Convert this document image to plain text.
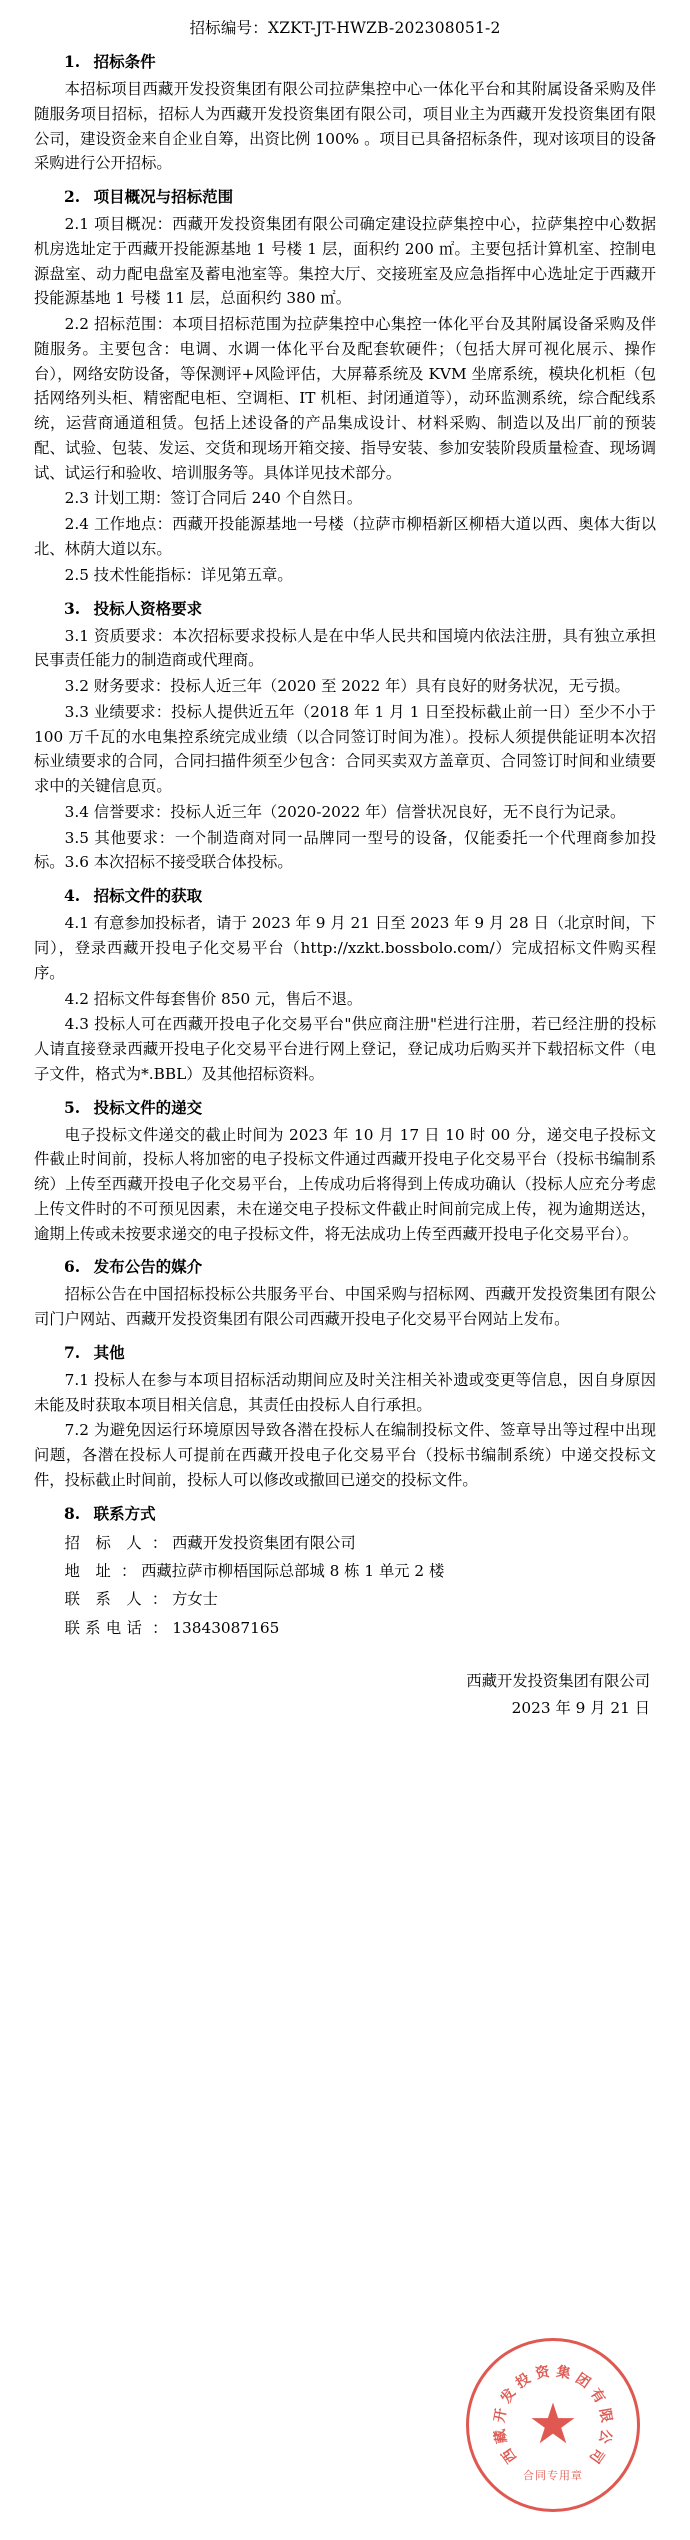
招标编号：XZKT-JT-HWZB-202308051-2
1. 招标条件

本招标项目西藏开发投资集团有限公司拉萨集控中心一体化平台和其附属设备采购及伴随服务项目招标，招标人为西藏开发投资集团有限公司，项目业主为西藏开发投资集团有限公司，建设资金来自企业自筹，出资比例 100% 。项目已具备招标条件，现对该项目的设备采购进行公开招标。

2. 项目概况与招标范围

2.1 项目概况：西藏开发投资集团有限公司确定建设拉萨集控中心，拉萨集控中心数据机房选址定于西藏开投能源基地 1 号楼 1 层，面积约 200 ㎡。主要包括计算机室、控制电源盘室、动力配电盘室及蓄电池室等。集控大厅、交接班室及应急指挥中心选址定于西藏开投能源基地 1 号楼 11 层，总面积约 380 ㎡。

2.2 招标范围：本项目招标范围为拉萨集控中心集控一体化平台及其附属设备采购及伴随服务。主要包含：电调、水调一体化平台及配套软硬件；（包括大屏可视化展示、操作台），网络安防设备，等保测评+风险评估，大屏幕系统及 KVM 坐席系统，模块化机柜（包括网络列头柜、精密配电柜、空调柜、IT 机柜、封闭通道等），动环监测系统，综合配线系统，运营商通道租赁。包括上述设备的产品集成设计、材料采购、制造以及出厂前的预装配、试验、包装、发运、交货和现场开箱交接、指导安装、参加安装阶段质量检查、现场调试、试运行和验收、培训服务等。具体详见技术部分。

2.3 计划工期：签订合同后 240 个自然日。

2.4 工作地点：西藏开投能源基地一号楼（拉萨市柳梧新区柳梧大道以西、奥体大街以北、林荫大道以东。

2.5 技术性能指标：详见第五章。

3. 投标人资格要求

3.1 资质要求：本次招标要求投标人是在中华人民共和国境内依法注册，具有独立承担民事责任能力的制造商或代理商。

3.2 财务要求：投标人近三年（2020 至 2022 年）具有良好的财务状况，无亏损。

3.3 业绩要求：投标人提供近五年（2018 年 1 月 1 日至投标截止前一日）至少不小于 100 万千瓦的水电集控系统完成业绩（以合同签订时间为准）。投标人须提供能证明本次招标业绩要求的合同，合同扫描件须至少包含：合同买卖双方盖章页、合同签订时间和业绩要求中的关键信息页。

3.4 信誉要求：投标人近三年（2020-2022 年）信誉状况良好，无不良行为记录。

3.5 其他要求：一个制造商对同一品牌同一型号的设备，仅能委托一个代理商参加投标。3.6 本次招标不接受联合体投标。

4. 招标文件的获取

4.1 有意参加投标者，请于 2023 年 9 月 21 日至 2023 年 9 月 28 日（北京时间，下同），登录西藏开投电子化交易平台（http://xzkt.bossbolo.com/）完成招标文件购买程序。

4.2 招标文件每套售价 850 元，售后不退。

4.3 投标人可在西藏开投电子化交易平台"供应商注册"栏进行注册，若已经注册的投标人请直接登录西藏开投电子化交易平台进行网上登记，登记成功后购买并下载招标文件（电子文件，格式为*.BBL）及其他招标资料。

5. 投标文件的递交

电子投标文件递交的截止时间为 2023 年 10 月 17 日 10 时 00 分，递交电子投标文件截止时间前，投标人将加密的电子投标文件通过西藏开投电子化交易平台（投标书编制系统）上传至西藏开投电子化交易平台，上传成功后将得到上传成功确认（投标人应充分考虑上传文件时的不可预见因素，未在递交电子投标文件截止时间前完成上传，视为逾期送达，逾期上传或未按要求递交的电子投标文件，将无法成功上传至西藏开投电子化交易平台）。

6. 发布公告的媒介

招标公告在中国招标投标公共服务平台、中国采购与招标网、西藏开发投资集团有限公司门户网站、西藏开发投资集团有限公司西藏开投电子化交易平台网站上发布。

7. 其他

7.1 投标人在参与本项目招标活动期间应及时关注相关补遗或变更等信息，因自身原因未能及时获取本项目相关信息，其责任由投标人自行承担。

7.2 为避免因运行环境原因导致各潜在投标人在编制投标文件、签章导出等过程中出现问题，各潜在投标人可提前在西藏开投电子化交易平台（投标书编制系统）中递交投标文件，投标截止时间前，投标人可以修改或撤回已递交的投标文件。

8. 联系方式
招 标 人 ： 西藏开发投资集团有限公司
地 址 ： 西藏拉萨市柳梧国际总部城 8 栋 1 单元 2 楼
联 系 人 ： 方女士
联系电话 ： 13843087165
西藏开发投资集团有限公司
2023 年 9 月 21 日
西
藏
开
发
投 资 集 团
有
限
公
司
合同专用章
